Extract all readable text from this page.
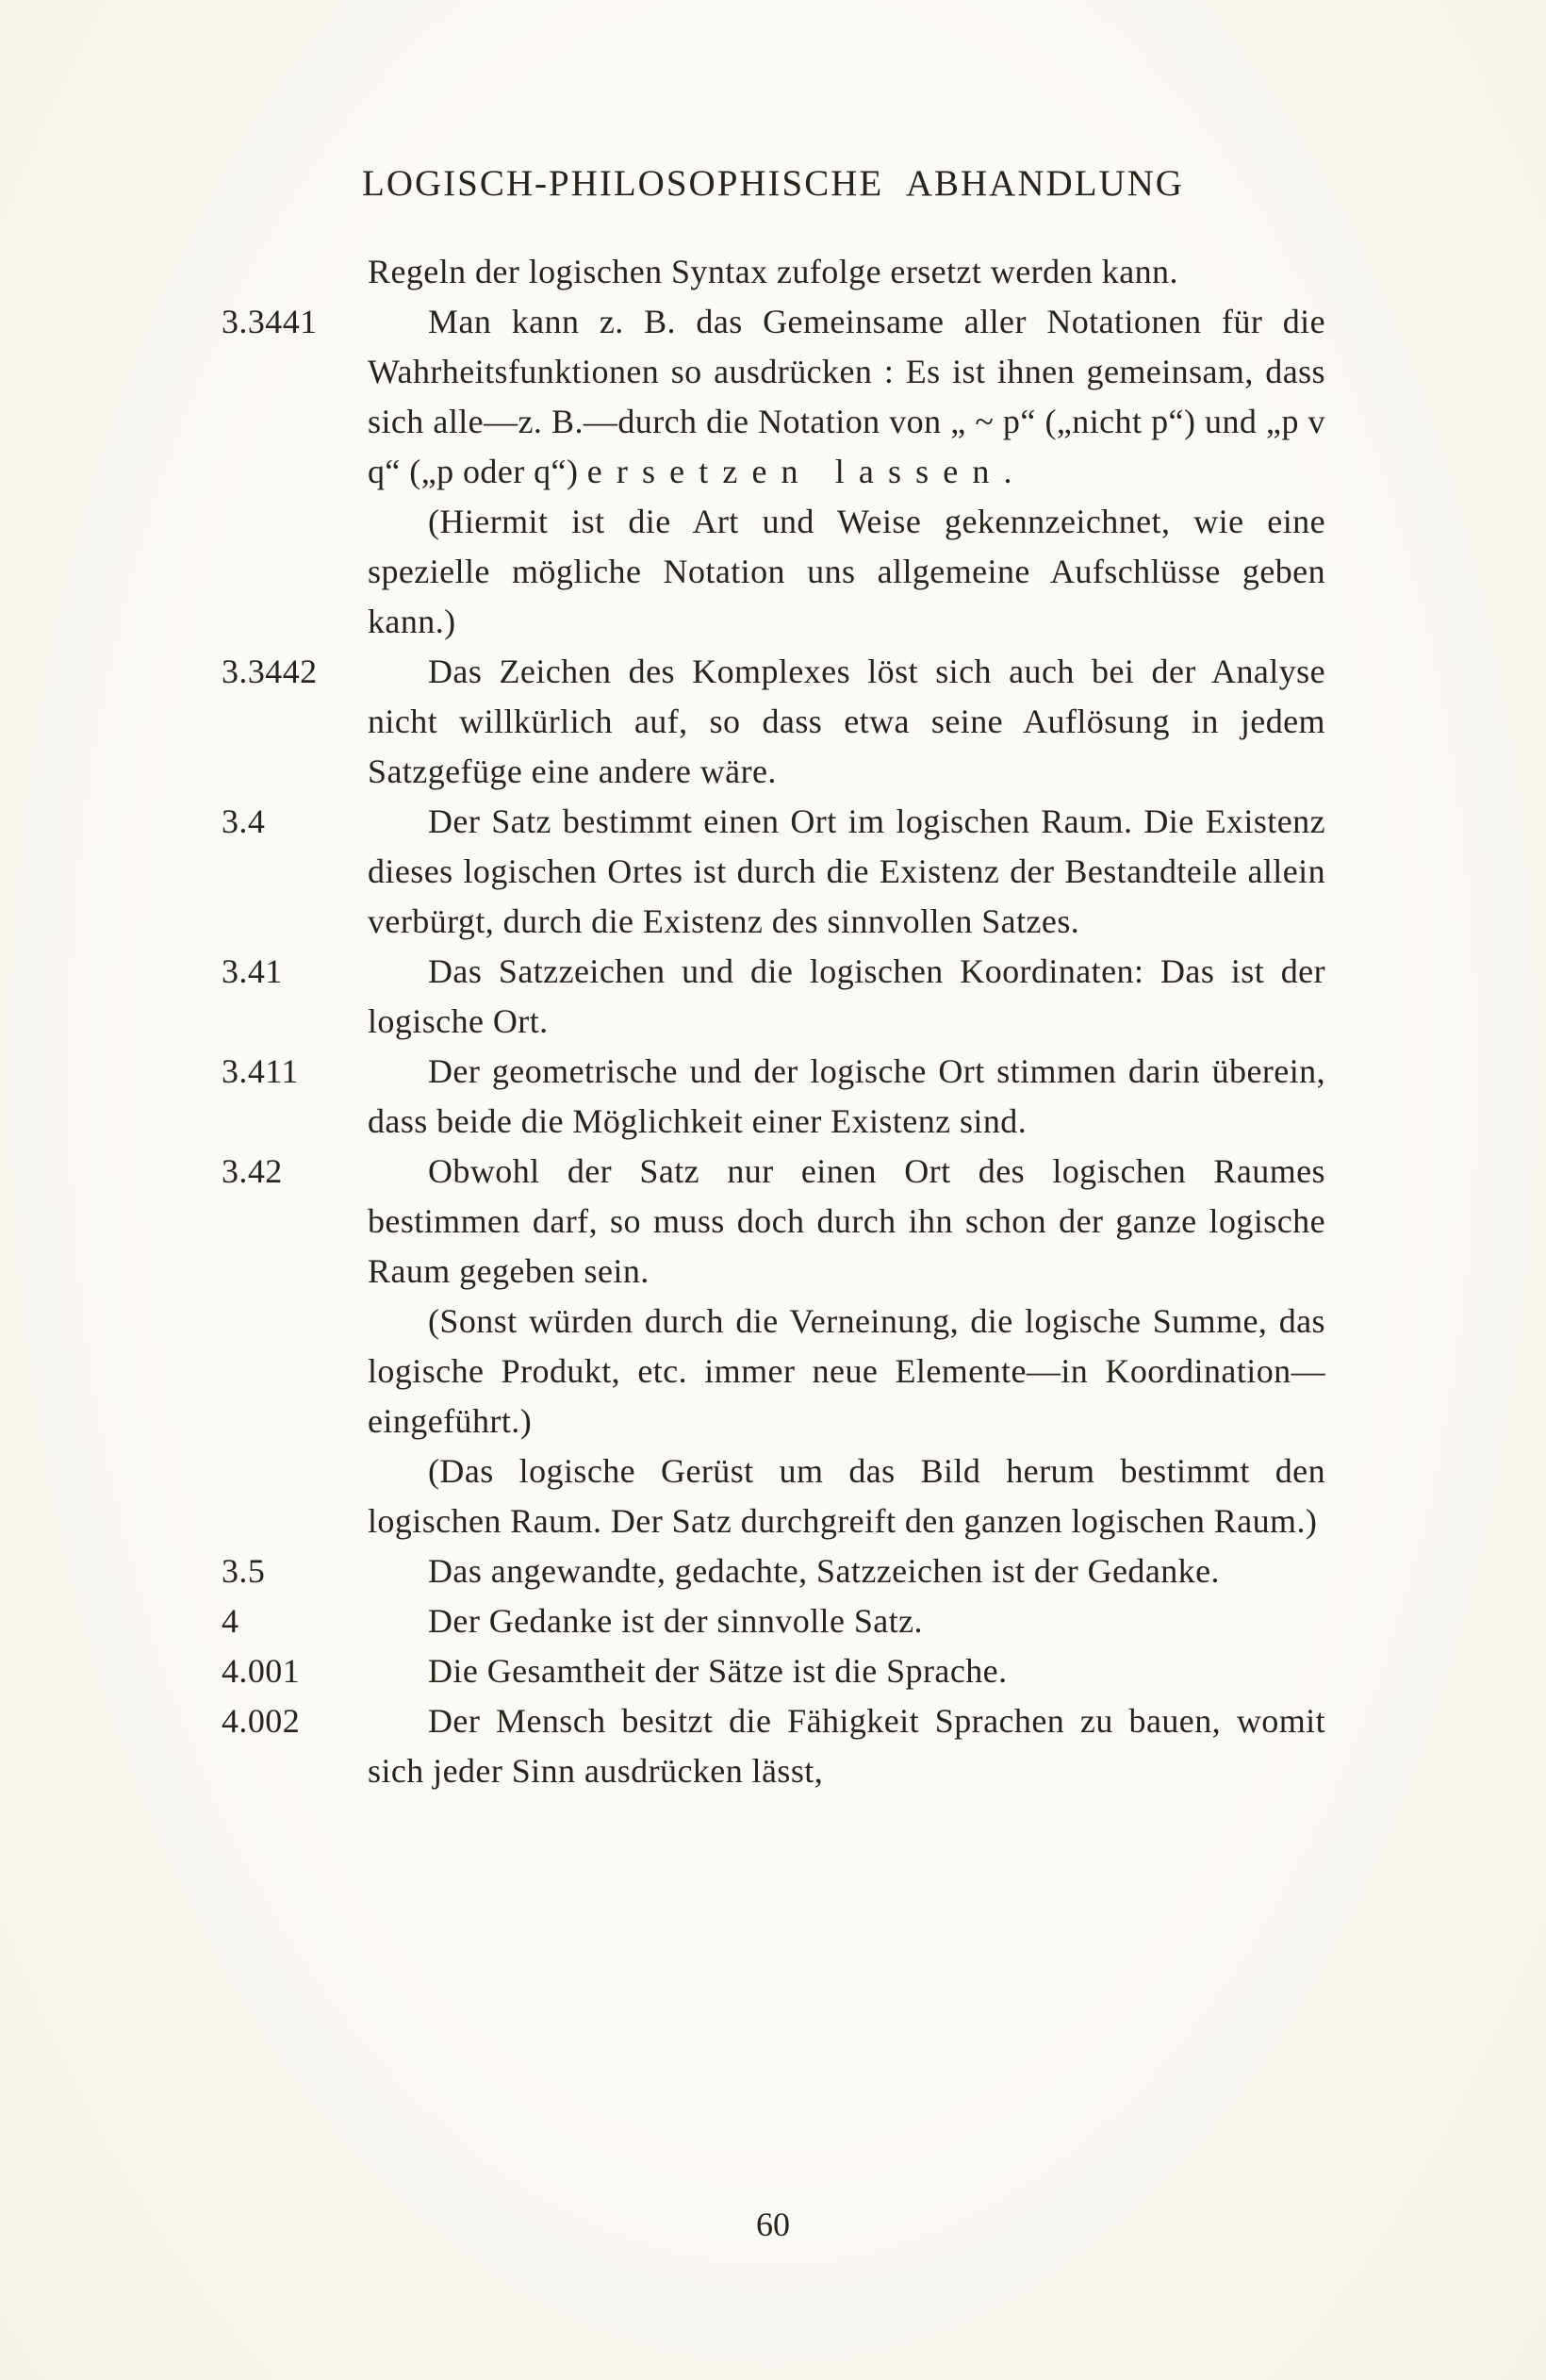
LOGISCH-PHILOSOPHISCHE ABHANDLUNG

Regeln der logischen Syntax zufolge ersetzt werden kann.

3.3441	Man kann z. B. das Gemeinsame aller Notationen für die Wahrheitsfunktionen so ausdrücken : Es ist ihnen gemeinsam, dass sich alle—z. B.—durch die Notation von „ ~ p“ („nicht p“) und „p v q“ („p oder q“) ersetzen lassen.

(Hiermit ist die Art und Weise gekennzeichnet, wie eine spezielle mögliche Notation uns allgemeine Aufschlüsse geben kann.)

3.3442	Das Zeichen des Komplexes löst sich auch bei der Analyse nicht willkürlich auf, so dass etwa seine Auflösung in jedem Satzgefüge eine andere wäre.

3.4	Der Satz bestimmt einen Ort im logischen Raum. Die Existenz dieses logischen Ortes ist durch die Existenz der Bestandteile allein verbürgt, durch die Existenz des sinnvollen Satzes.

3.41	Das Satzzeichen und die logischen Koordinaten: Das ist der logische Ort.

3.411	Der geometrische und der logische Ort stimmen darin überein, dass beide die Möglichkeit einer Existenz sind.

3.42	Obwohl der Satz nur einen Ort des logischen Raumes bestimmen darf, so muss doch durch ihn schon der ganze logische Raum gegeben sein.

(Sonst würden durch die Verneinung, die logische Summe, das logische Produkt, etc. immer neue Elemente—in Koordination—eingeführt.)

(Das logische Gerüst um das Bild herum bestimmt den logischen Raum. Der Satz durchgreift den ganzen logischen Raum.)

3.5	Das angewandte, gedachte, Satzzeichen ist der Gedanke.

4	Der Gedanke ist der sinnvolle Satz.

4.001	Die Gesamtheit der Sätze ist die Sprache.

4.002	Der Mensch besitzt die Fähigkeit Sprachen zu bauen, womit sich jeder Sinn ausdrücken lässt,

60
